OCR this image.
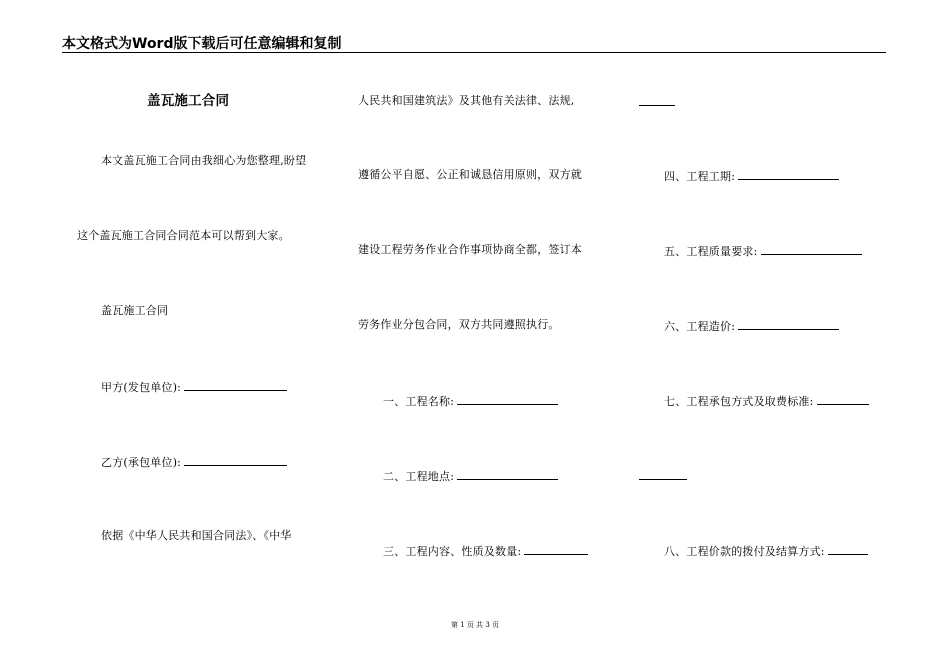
本文格式为Word版下载后可任意编辑和复制
盖瓦施工合同
本文盖瓦施工合同由我细心为您整理,盼望
这个盖瓦施工合同合同范本可以帮到大家。
盖瓦施工合同
甲方(发包单位):
乙方(承包单位):
依据《中华人民共和国合同法》、《中华
人民共和国建筑法》及其他有关法律、法规,
遵循公平自愿、公正和诚恳信用原则，双方就
建设工程劳务作业合作事项协商全都，签订本
劳务作业分包合同，双方共同遵照执行。
一、工程名称:
二、工程地点:
三、工程内容、性质及数量:
四、工程工期:
五、工程质量要求:
六、工程造价:
七、工程承包方式及取费标准:
八、工程价款的拨付及结算方式:
第 1 页 共 3 页
